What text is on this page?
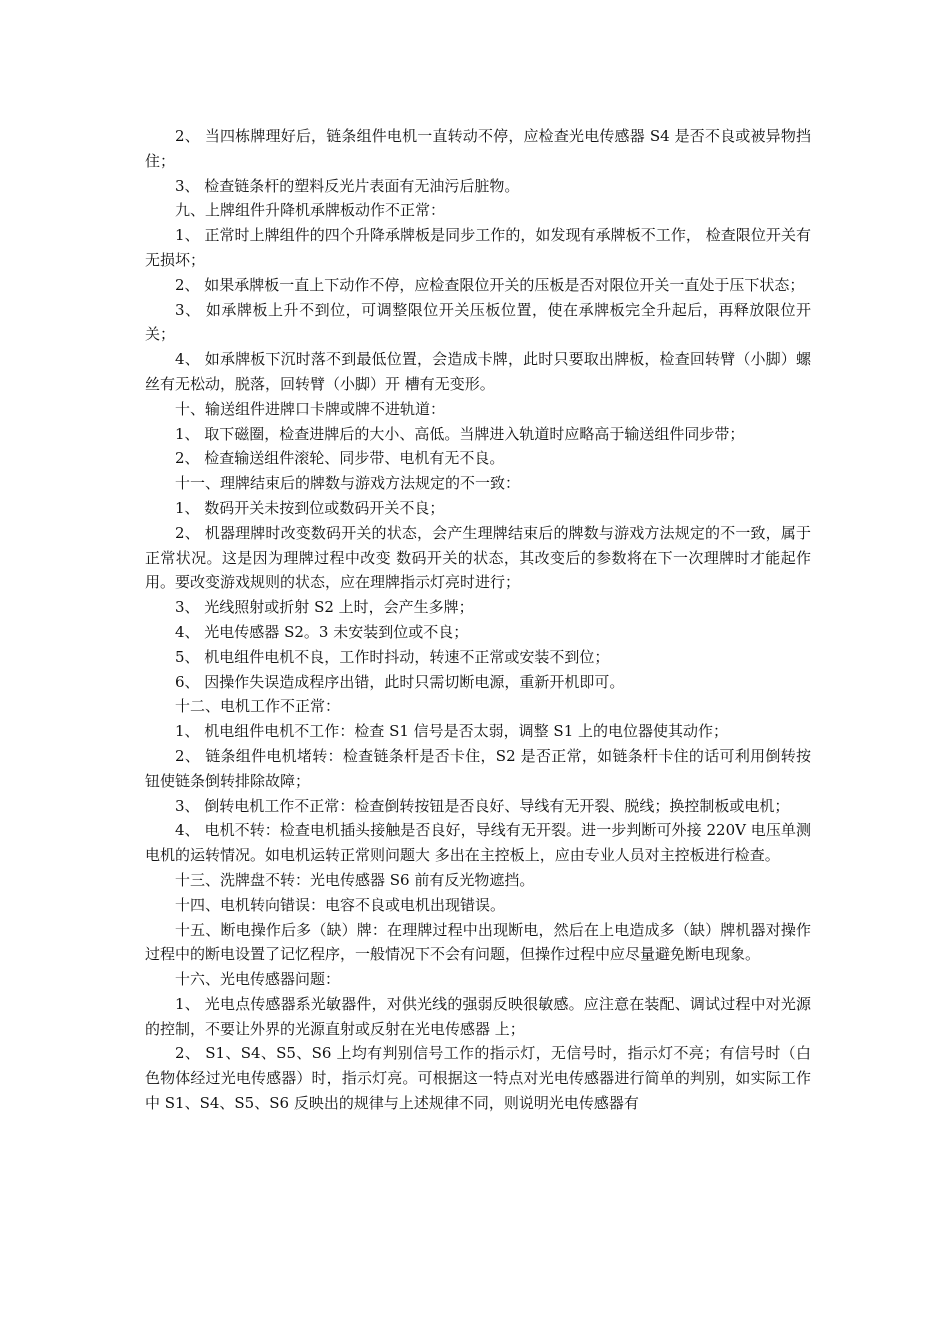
2、 当四栋牌理好后，链条组件电机一直转动不停，应检查光电传感器 S4 是否不良或被异物挡住；

3、 检查链条杆的塑料反光片表面有无油污后脏物。

九、上牌组件升降机承牌板动作不正常：

1、 正常时上牌组件的四个升降承牌板是同步工作的，如发现有承牌板不工作， 检查限位开关有无损坏；

2、 如果承牌板一直上下动作不停，应检查限位开关的压板是否对限位开关一直处于压下状态；

3、 如承牌板上升不到位，可调整限位开关压板位置，使在承牌板完全升起后，再释放限位开 关；

4、 如承牌板下沉时落不到最低位置，会造成卡牌，此时只要取出牌板，检查回转臂（小脚）螺丝有无松动，脱落，回转臂（小脚）开 槽有无变形。

十、输送组件进牌口卡牌或牌不进轨道：

1、 取下磁圈，检查进牌后的大小、高低。当牌进入轨道时应略高于输送组件同步带；

2、 检查输送组件滚轮、同步带、电机有无不良。

十一、理牌结束后的牌数与游戏方法规定的不一致：

1、 数码开关未按到位或数码开关不良；

2、 机器理牌时改变数码开关的状态，会产生理牌结束后的牌数与游戏方法规定的不一致，属于正常状况。这是因为理牌过程中改变 数码开关的状态，其改变后的参数将在下一次理牌时才能起作用。要改变游戏规则的状态，应在理牌指示灯亮时进行；

3、 光线照射或折射 S2 上时，会产生多牌；

4、 光电传感器 S2。3 未安装到位或不良；

5、 机电组件电机不良，工作时抖动，转速不正常或安装不到位；

6、 因操作失误造成程序出错，此时只需切断电源，重新开机即可。

十二、电机工作不正常：

1、 机电组件电机不工作：检查 S1 信号是否太弱，调整 S1 上的电位器使其动作；

2、 链条组件电机堵转：检查链条杆是否卡住，S2 是否正常，如链条杆卡住的话可利用倒转按钮使链条倒转排除故障；

3、 倒转电机工作不正常：检查倒转按钮是否良好、导线有无开裂、脱线；换控制板或电机；

4、 电机不转：检查电机插头接触是否良好，导线有无开裂。进一步判断可外接 220V 电压单测电机的运转情况。如电机运转正常则问题大 多出在主控板上，应由专业人员对主控板进行检查。

十三、洗牌盘不转：光电传感器 S6 前有反光物遮挡。

十四、电机转向错误：电容不良或电机出现错误。

十五、断电操作后多（缺）牌：在理牌过程中出现断电，然后在上电造成多（缺）牌机器对操作过程中的断电设置了记忆程序，一般情况下不会有问题，但操作过程中应尽量避免断电现象。

十六、光电传感器问题：

1、 光电点传感器系光敏器件，对供光线的强弱反映很敏感。应注意在装配、调试过程中对光源的控制，不要让外界的光源直射或反射在光电传感器 上；

2、 S1、S4、S5、S6 上均有判别信号工作的指示灯，无信号时，指示灯不亮；有信号时（白色物体经过光电传感器）时，指示灯亮。可根据这一特点对光电传感器进行简单的判别，如实际工作中 S1、S4、S5、S6 反映出的规律与上述规律不同，则说明光电传感器有
